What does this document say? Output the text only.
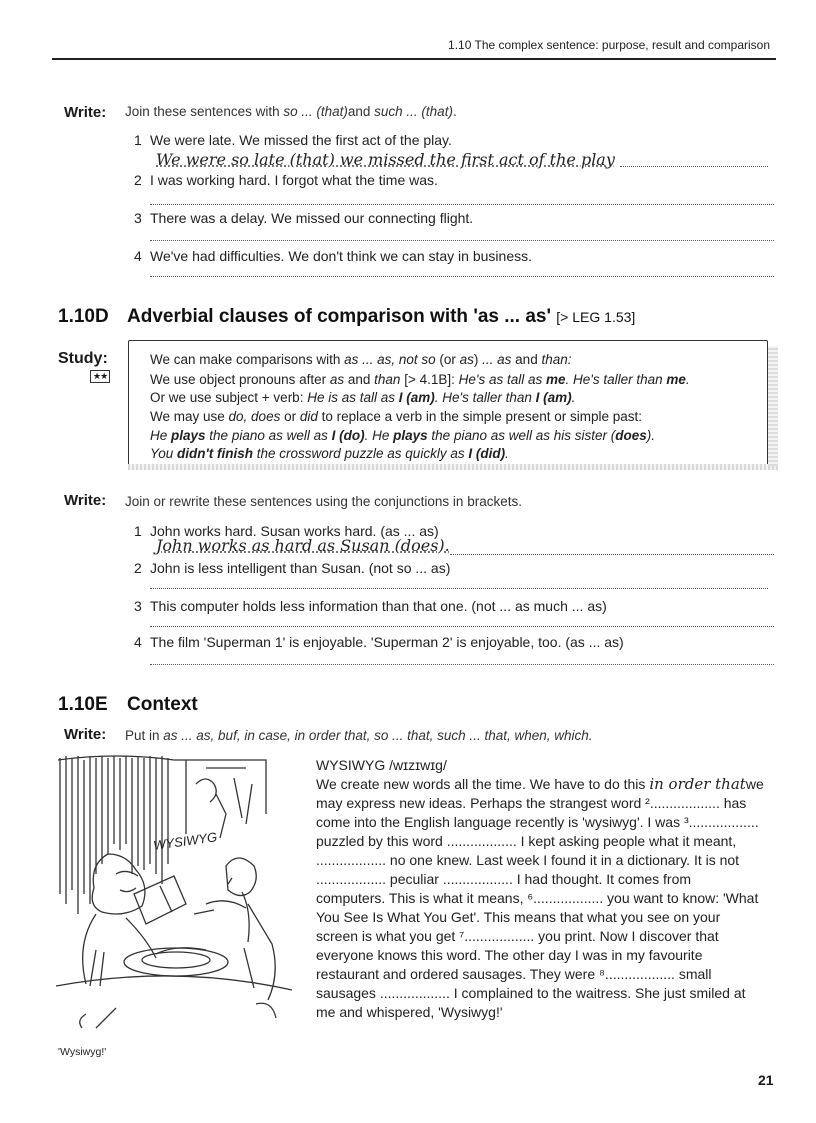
1.10 The complex sentence: purpose, result and comparison
Write: Join these sentences with so ... (that)and such ... (that).
1 We were late. We missed the first act of the play.
We were so late (that) we missed the first act of the play
2 I was working hard. I forgot what the time was.
3 There was a delay. We missed our connecting flight.
4 We've had difficulties. We don't think we can stay in business.
1.10D Adverbial clauses of comparison with 'as ... as' [> LEG 1.53]
Study:
★★
We can make comparisons with as ... as, not so (or as) ... as and than:
We use object pronouns after as and than [> 4.1B]: He's as tall as me. He's taller than me.
Or we use subject + verb: He is as tall as I (am). He's taller than I (am).
We may use do, does or did to replace a verb in the simple present or simple past:
He plays the piano as well as I (do). He plays the piano as well as his sister (does).
You didn't finish the crossword puzzle as quickly as I (did).
Write: Join or rewrite these sentences using the conjunctions in brackets.
1 John works hard. Susan works hard. (as ... as)
John works as hard as Susan (does).
2 John is less intelligent than Susan. (not so ... as)
3 This computer holds less information than that one. (not ... as much ... as)
4 The film 'Superman 1' is enjoyable. 'Superman 2' is enjoyable, too. (as ... as)
1.10E Context
Write: Put in as ... as, buf, in case, in order that, so ... that, such ... that, when, which.
WYSIWYG
WYSIWYG /wɪzɪwɪg/
We create new words all the time. We have to do this in order thatwe
may express new ideas. Perhaps the strangest word ².................. has
come into the English language recently is 'wysiwyg'. I was ³..................
puzzled by this word .................. I kept asking people what it meant,
.................. no one knew. Last week I found it in a dictionary. It is not
.................. peculiar .................. I had thought. It comes from
computers. This is what it means, ⁶.................. you want to know: 'What
You See Is What You Get'. This means that what you see on your
screen is what you get ⁷.................. you print. Now I discover that
everyone knows this word. The other day I was in my favourite
restaurant and ordered sausages. They were ⁸.................. small
sausages .................. I complained to the waitress. She just smiled at
me and whispered, 'Wysiwyg!'
'Wysiwyg!'
21
